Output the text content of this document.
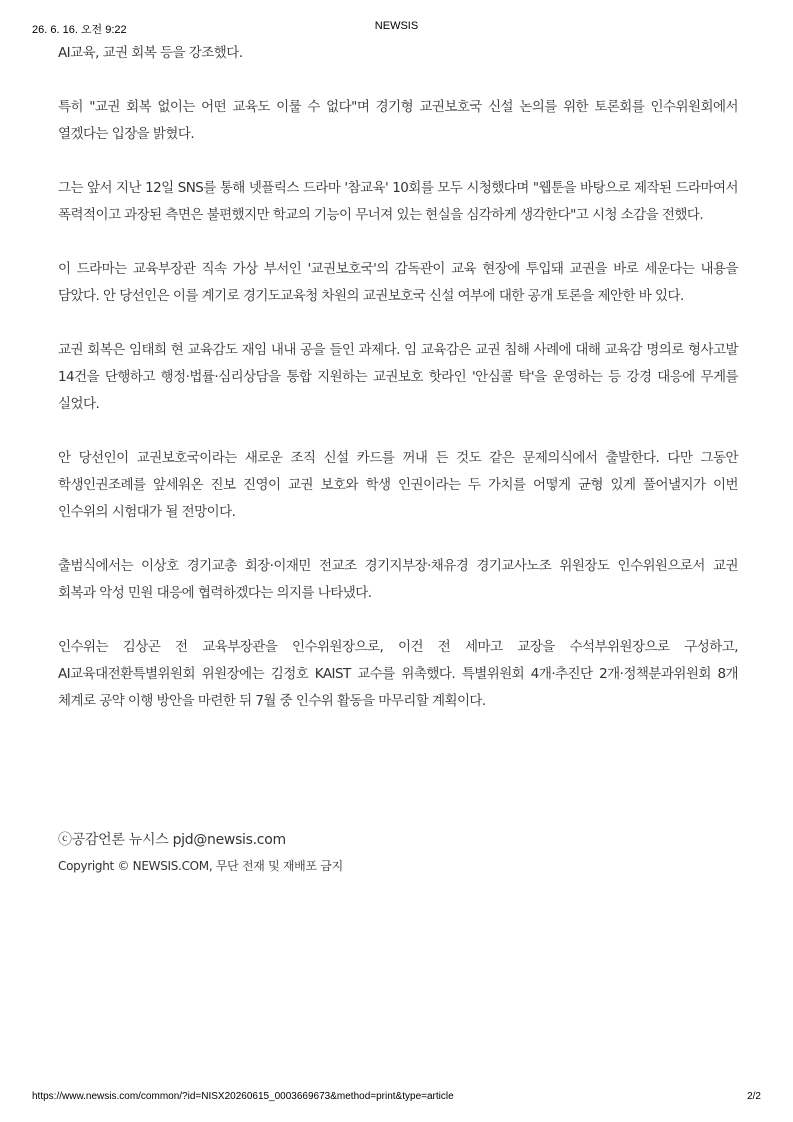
26. 6. 16. 오전 9:22	NEWSIS

AI교육, 교권 회복 등을 강조했다.

특히 "교권 회복 없이는 어떤 교육도 이룰 수 없다"며 경기형 교권보호국 신설 논의를 위한 토론회를 인수위원회에서 열겠다는 입장을 밝혔다.

그는 앞서 지난 12일 SNS를 통해 넷플릭스 드라마 '참교육' 10회를 모두 시청했다며 "웹툰을 바탕으로 제작된 드라마여서 폭력적이고 과장된 측면은 불편했지만 학교의 기능이 무너져 있는 현실을 심각하게 생각한다"고 시청 소감을 전했다.

이 드라마는 교육부장관 직속 가상 부서인 '교권보호국'의 감독관이 교육 현장에 투입돼 교권을 바로 세운다는 내용을 담았다. 안 당선인은 이를 계기로 경기도교육청 차원의 교권보호국 신설 여부에 대한 공개 토론을 제안한 바 있다.

교권 회복은 임태희 현 교육감도 재임 내내 공을 들인 과제다. 임 교육감은 교권 침해 사례에 대해 교육감 명의로 형사고발 14건을 단행하고 행정·법률·심리상담을 통합 지원하는 교권보호 핫라인 '안심콜 탁'을 운영하는 등 강경 대응에 무게를 실었다.

안 당선인이 교권보호국이라는 새로운 조직 신설 카드를 꺼내 든 것도 같은 문제의식에서 출발한다. 다만 그동안 학생인권조례를 앞세워온 진보 진영이 교권 보호와 학생 인권이라는 두 가치를 어떻게 균형 있게 풀어낼지가 이번 인수위의 시험대가 될 전망이다.

출범식에서는 이상호 경기교총 회장·이재민 전교조 경기지부장·채유경 경기교사노조 위원장도 인수위원으로서 교권 회복과 악성 민원 대응에 협력하겠다는 의지를 나타냈다.

인수위는 김상곤 전 교육부장관을 인수위원장으로, 이건 전 세마고 교장을 수석부위원장으로 구성하고, AI교육대전환특별위원회 위원장에는 김정호 KAIST 교수를 위촉했다. 특별위원회 4개·추진단 2개·정책분과위원회 8개 체계로 공약 이행 방안을 마련한 뒤 7월 중 인수위 활동을 마무리할 계획이다.

ⓒ공감언론 뉴시스 pjd@newsis.com
Copyright © NEWSIS.COM, 무단 전재 및 재배포 금지
https://www.newsis.com/common/?id=NISX20260615_0003669673&method=print&type=article	2/2
